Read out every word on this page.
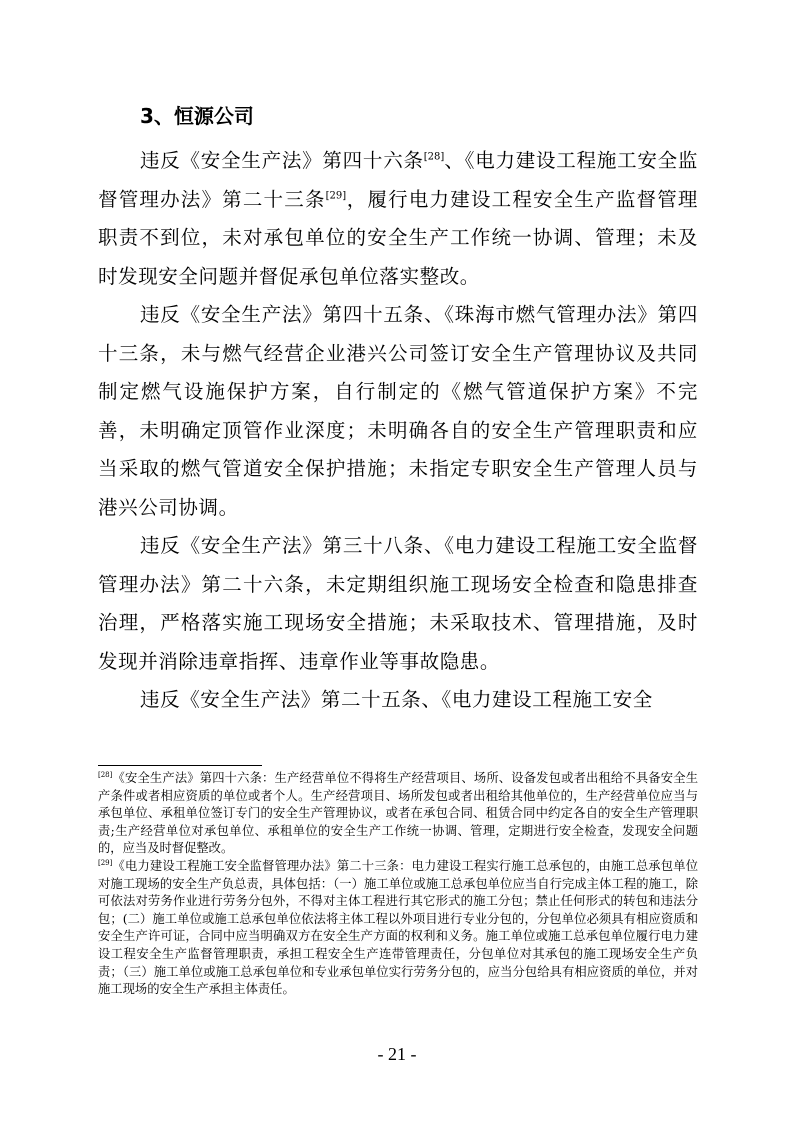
3、恒源公司

违反《安全生产法》第四十六条[28]、《电力建设工程施工安全监督管理办法》第二十三条[29]，履行电力建设工程安全生产监督管理职责不到位，未对承包单位的安全生产工作统一协调、管理；未及时发现安全问题并督促承包单位落实整改。

违反《安全生产法》第四十五条、《珠海市燃气管理办法》第四十三条，未与燃气经营企业港兴公司签订安全生产管理协议及共同制定燃气设施保护方案，自行制定的《燃气管道保护方案》不完善，未明确定顶管作业深度；未明确各自的安全生产管理职责和应当采取的燃气管道安全保护措施；未指定专职安全生产管理人员与港兴公司协调。

违反《安全生产法》第三十八条、《电力建设工程施工安全监督管理办法》第二十六条，未定期组织施工现场安全检查和隐患排查治理，严格落实施工现场安全措施；未采取技术、管理措施，及时发现并消除违章指挥、违章作业等事故隐患。

违反《安全生产法》第二十五条、《电力建设工程施工安全

[28]《安全生产法》第四十六条：生产经营单位不得将生产经营项目、场所、设备发包或者出租给不具备安全生产条件或者相应资质的单位或者个人。生产经营项目、场所发包或者出租给其他单位的，生产经营单位应当与承包单位、承租单位签订专门的安全生产管理协议，或者在承包合同、租赁合同中约定各自的安全生产管理职责;生产经营单位对承包单位、承租单位的安全生产工作统一协调、管理，定期进行安全检查，发现安全问题的，应当及时督促整改。

[29]《电力建设工程施工安全监督管理办法》第二十三条：电力建设工程实行施工总承包的，由施工总承包单位对施工现场的安全生产负总责，具体包括：（一）施工单位或施工总承包单位应当自行完成主体工程的施工，除可依法对劳务作业进行劳务分包外，不得对主体工程进行其它形式的施工分包；禁止任何形式的转包和违法分包；(二）施工单位或施工总承包单位依法将主体工程以外项目进行专业分包的，分包单位必须具有相应资质和安全生产许可证，合同中应当明确双方在安全生产方面的权利和义务。施工单位或施工总承包单位履行电力建设工程安全生产监督管理职责，承担工程安全生产连带管理责任，分包单位对其承包的施工现场安全生产负责；（三）施工单位或施工总承包单位和专业承包单位实行劳务分包的，应当分包给具有相应资质的单位，并对施工现场的安全生产承担主体责任。

- 21 -
